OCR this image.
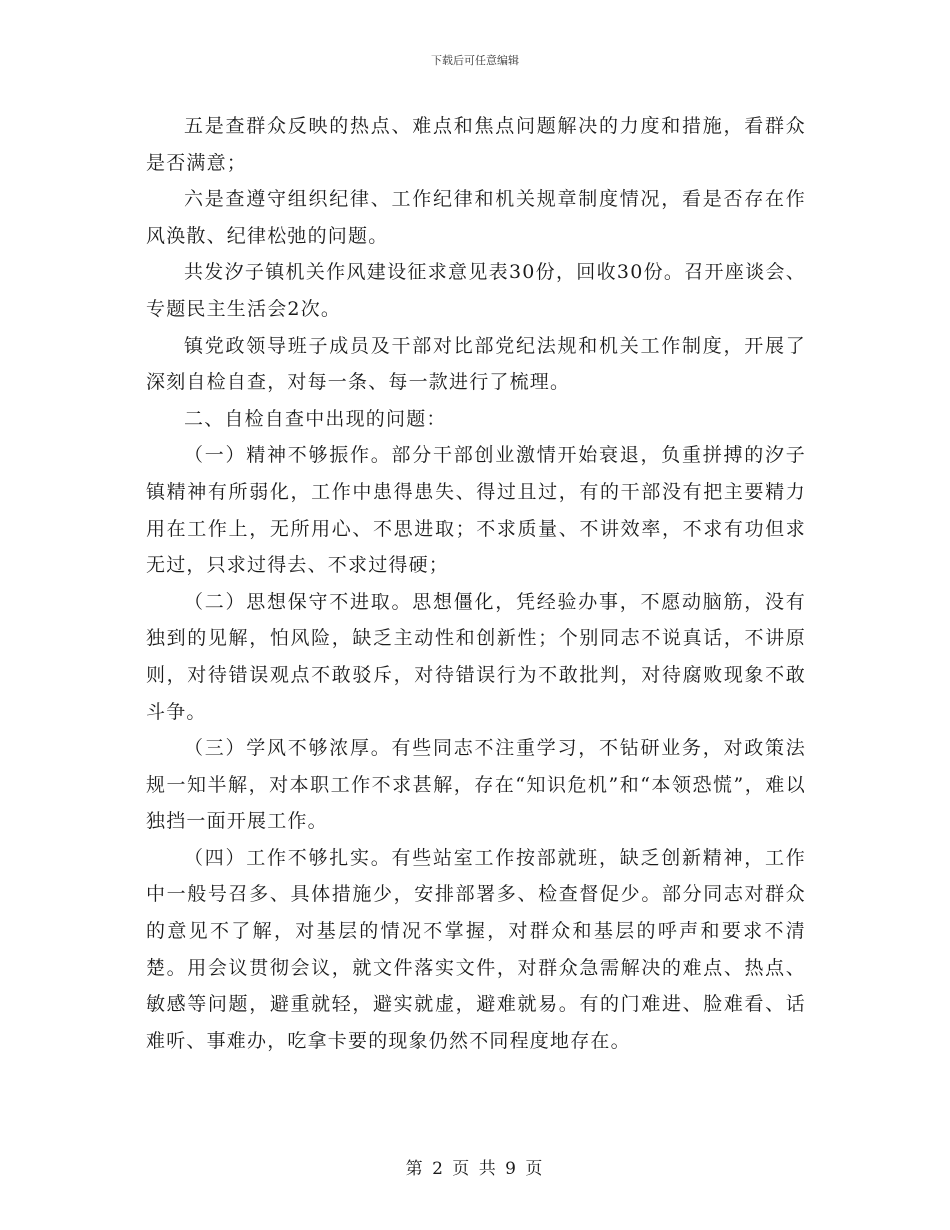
下载后可任意编辑

五是查群众反映的热点、难点和焦点问题解决的力度和措施，看群众是否满意；

六是查遵守组织纪律、工作纪律和机关规章制度情况，看是否存在作风涣散、纪律松弛的问题。

共发汐子镇机关作风建设征求意见表30份，回收30份。召开座谈会、专题民主生活会2次。

镇党政领导班子成员及干部对比部党纪法规和机关工作制度，开展了深刻自检自查，对每一条、每一款进行了梳理。

二、自检自查中出现的问题：

（一）精神不够振作。部分干部创业激情开始衰退，负重拼搏的汐子镇精神有所弱化，工作中患得患失、得过且过，有的干部没有把主要精力用在工作上，无所用心、不思进取；不求质量、不讲效率，不求有功但求无过，只求过得去、不求过得硬；

（二）思想保守不进取。思想僵化，凭经验办事，不愿动脑筋，没有独到的见解，怕风险，缺乏主动性和创新性；个别同志不说真话，不讲原则，对待错误观点不敢驳斥，对待错误行为不敢批判，对待腐败现象不敢斗争。

（三）学风不够浓厚。有些同志不注重学习，不钻研业务，对政策法规一知半解，对本职工作不求甚解，存在“知识危机”和“本领恐慌”，难以独挡一面开展工作。

（四）工作不够扎实。有些站室工作按部就班，缺乏创新精神，工作中一般号召多、具体措施少，安排部署多、检查督促少。部分同志对群众的意见不了解，对基层的情况不掌握，对群众和基层的呼声和要求不清楚。用会议贯彻会议，就文件落实文件，对群众急需解决的难点、热点、敏感等问题，避重就轻，避实就虚，避难就易。有的门难进、脸难看、话难听、事难办，吃拿卡要的现象仍然不同程度地存在。

第 2 页 共 9 页
